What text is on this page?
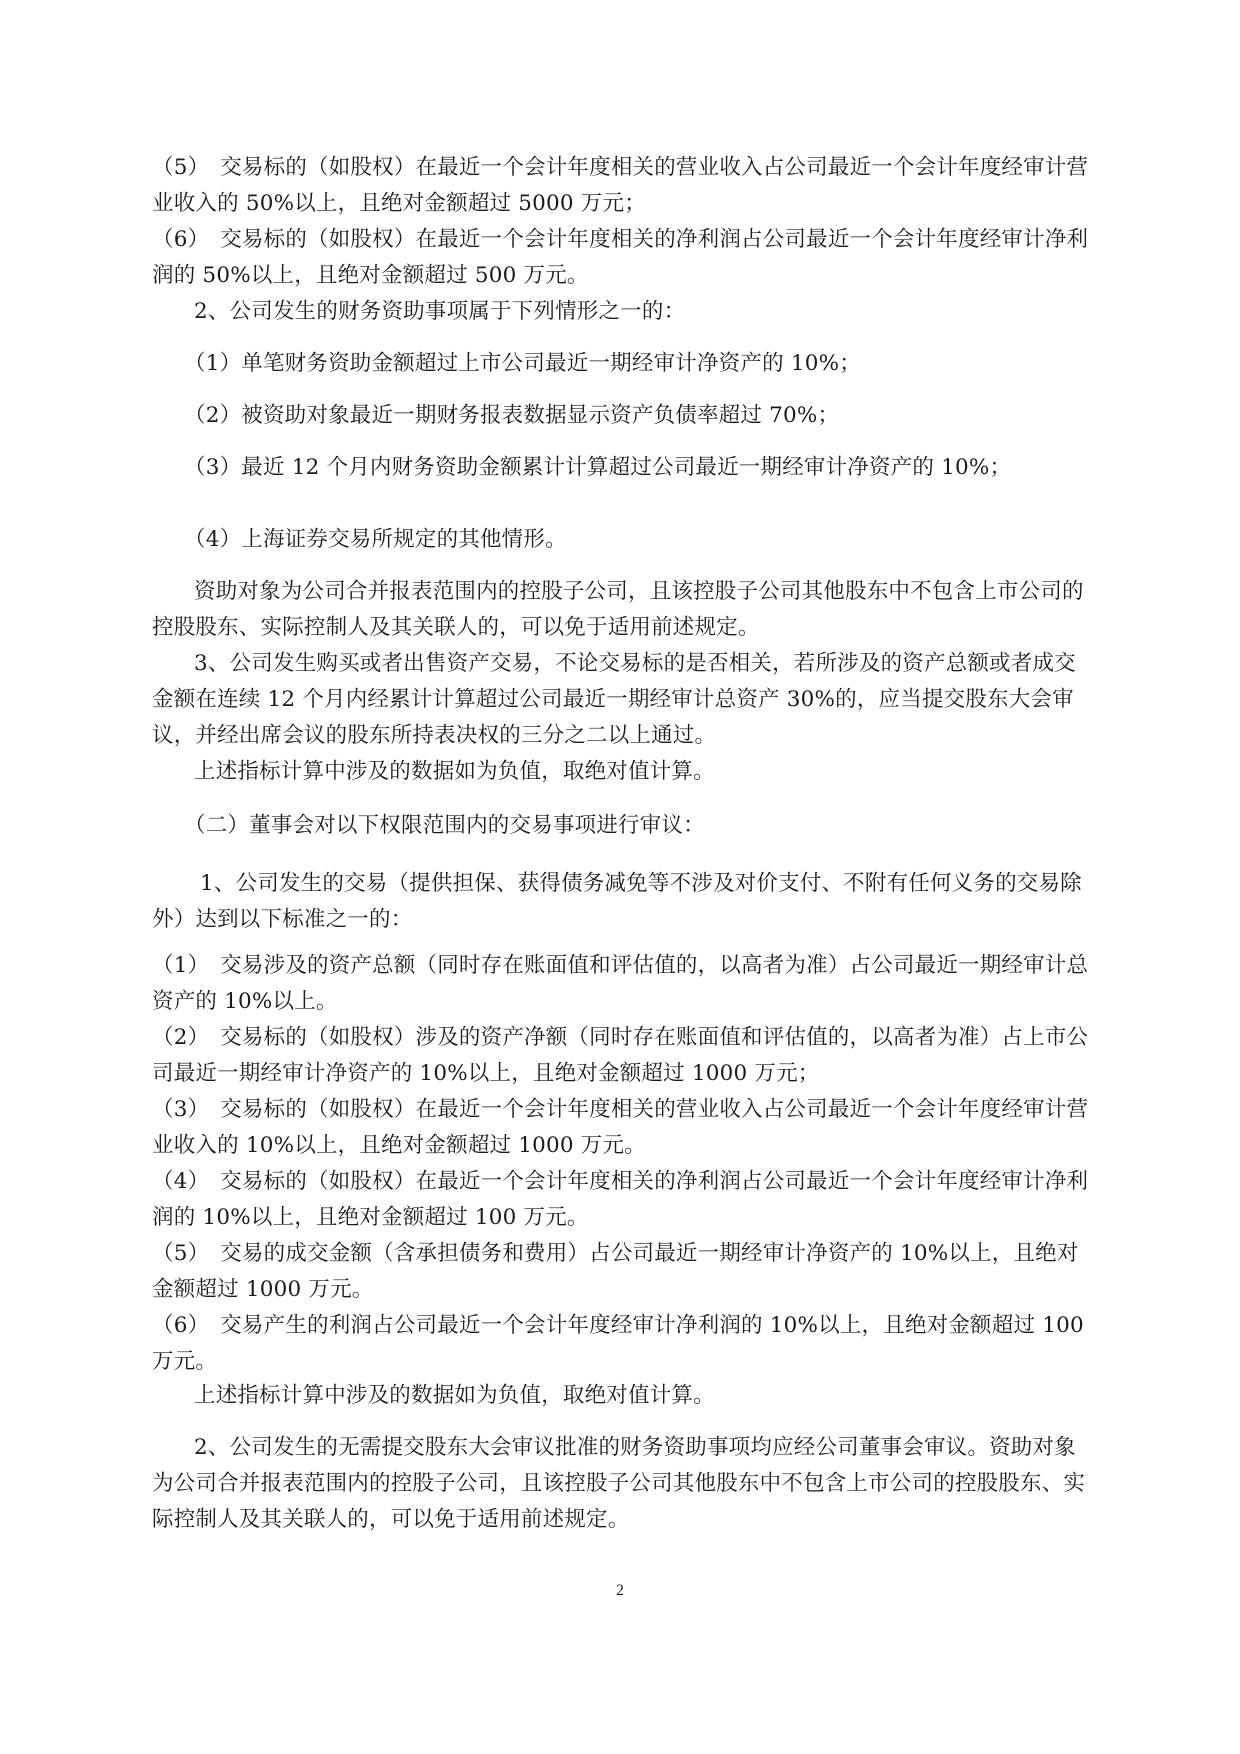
（5）　交易标的（如股权）在最近一个会计年度相关的营业收入占公司最近一个会计年度经审计营业收入的 50%以上，且绝对金额超过 5000 万元；

（6）　交易标的（如股权）在最近一个会计年度相关的净利润占公司最近一个会计年度经审计净利润的 50%以上，且绝对金额超过 500 万元。

2、公司发生的财务资助事项属于下列情形之一的：

（1）单笔财务资助金额超过上市公司最近一期经审计净资产的 10%；

（2）被资助对象最近一期财务报表数据显示资产负债率超过 70%；

（3）最近 12 个月内财务资助金额累计计算超过公司最近一期经审计净资产的 10%；

（4）上海证券交易所规定的其他情形。

资助对象为公司合并报表范围内的控股子公司，且该控股子公司其他股东中不包含上市公司的控股股东、实际控制人及其关联人的，可以免于适用前述规定。

3、公司发生购买或者出售资产交易，不论交易标的是否相关，若所涉及的资产总额或者成交金额在连续 12 个月内经累计计算超过公司最近一期经审计总资产 30%的，应当提交股东大会审议，并经出席会议的股东所持表决权的三分之二以上通过。

上述指标计算中涉及的数据如为负值，取绝对值计算。

（二）董事会对以下权限范围内的交易事项进行审议：

1、公司发生的交易（提供担保、获得债务减免等不涉及对价支付、不附有任何义务的交易除外）达到以下标准之一的：

（1）　交易涉及的资产总额（同时存在账面值和评估值的，以高者为准）占公司最近一期经审计总资产的 10%以上。

（2）　交易标的（如股权）涉及的资产净额（同时存在账面值和评估值的，以高者为准）占上市公司最近一期经审计净资产的 10%以上，且绝对金额超过 1000 万元；

（3）　交易标的（如股权）在最近一个会计年度相关的营业收入占公司最近一个会计年度经审计营业收入的 10%以上，且绝对金额超过 1000 万元。

（4）　交易标的（如股权）在最近一个会计年度相关的净利润占公司最近一个会计年度经审计净利润的 10%以上，且绝对金额超过 100 万元。

（5）　交易的成交金额（含承担债务和费用）占公司最近一期经审计净资产的 10%以上，且绝对金额超过 1000 万元。

（6）　交易产生的利润占公司最近一个会计年度经审计净利润的 10%以上，且绝对金额超过 100 万元。

上述指标计算中涉及的数据如为负值，取绝对值计算。

2、公司发生的无需提交股东大会审议批准的财务资助事项均应经公司董事会审议。资助对象为公司合并报表范围内的控股子公司，且该控股子公司其他股东中不包含上市公司的控股股东、实际控制人及其关联人的，可以免于适用前述规定。

2
